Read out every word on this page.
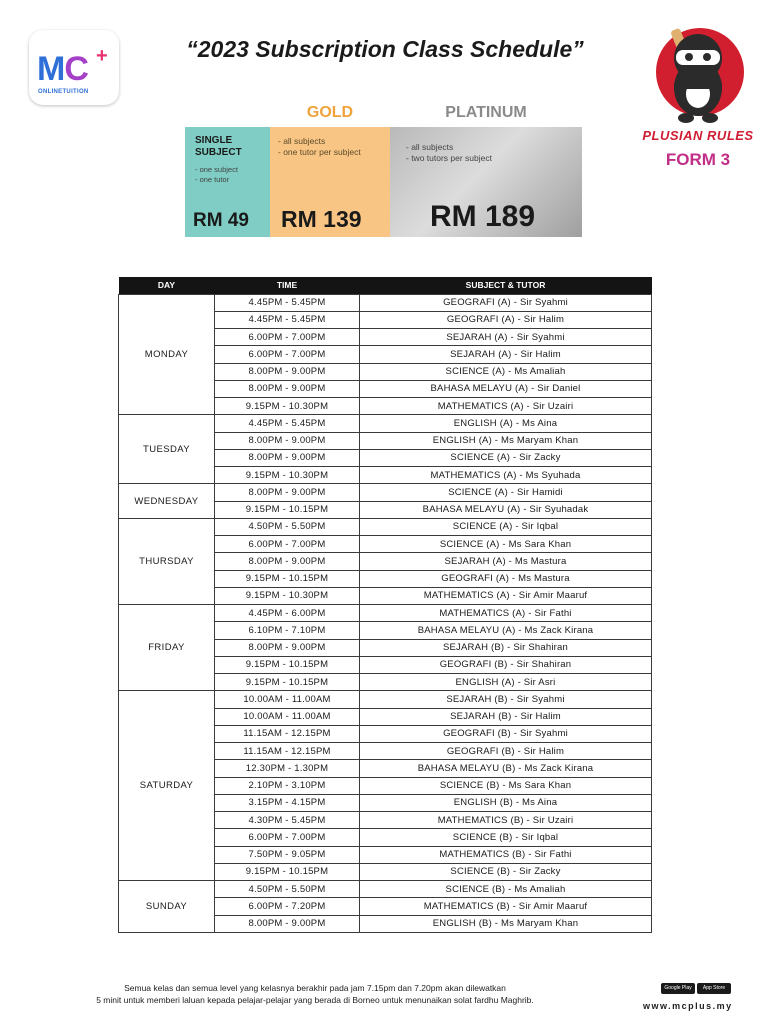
MC +
ONLINETUITION
“2023 Subscription Class Schedule”
GOLD	PLATINUM
SINGLE SUBJECT
- one subject
- one tutor
RM 49
- all subjects
- one tutor per subject
RM 139
- all subjects
- two tutors per subject
RM 189
PLUSIAN RULES
FORM 3
DAY	TIME	SUBJECT & TUTOR
MONDAY	4.45PM - 5.45PM	GEOGRAFI (A) - Sir Syahmi
	4.45PM - 5.45PM	GEOGRAFI (A) - Sir Halim
	6.00PM - 7.00PM	SEJARAH (A) - Sir Syahmi
	6.00PM - 7.00PM	SEJARAH (A) - Sir Halim
	8.00PM - 9.00PM	SCIENCE (A) - Ms Amaliah
	8.00PM - 9.00PM	BAHASA MELAYU (A) - Sir Daniel
	9.15PM - 10.30PM	MATHEMATICS (A) - Sir Uzairi
TUESDAY	4.45PM - 5.45PM	ENGLISH (A) - Ms Aina
	8.00PM - 9.00PM	ENGLISH (A) - Ms Maryam Khan
	8.00PM - 9.00PM	SCIENCE (A) - Sir Zacky
	9.15PM - 10.30PM	MATHEMATICS (A) - Ms Syuhada
WEDNESDAY	8.00PM - 9.00PM	SCIENCE (A) - Sir Hamidi
	9.15PM - 10.15PM	BAHASA MELAYU (A) - Sir Syuhadak
THURSDAY	4.50PM - 5.50PM	SCIENCE (A) - Sir Iqbal
	6.00PM - 7.00PM	SCIENCE (A) - Ms Sara Khan
	8.00PM - 9.00PM	SEJARAH (A) - Ms Mastura
	9.15PM - 10.15PM	GEOGRAFI (A) - Ms Mastura
	9.15PM - 10.30PM	MATHEMATICS (A) - Sir Amir Maaruf
FRIDAY	4.45PM - 6.00PM	MATHEMATICS (A) - Sir Fathi
	6.10PM - 7.10PM	BAHASA MELAYU (A) - Ms Zack Kirana
	8.00PM - 9.00PM	SEJARAH (B) - Sir Shahiran
	9.15PM - 10.15PM	GEOGRAFI (B) - Sir Shahiran
	9.15PM - 10.15PM	ENGLISH (A) - Sir Asri
SATURDAY	10.00AM - 11.00AM	SEJARAH (B) - Sir Syahmi
	10.00AM - 11.00AM	SEJARAH (B) - Sir Halim
	11.15AM - 12.15PM	GEOGRAFI (B) - Sir Syahmi
	11.15AM - 12.15PM	GEOGRAFI (B) - Sir Halim
	12.30PM - 1.30PM	BAHASA MELAYU (B) - Ms Zack Kirana
	2.10PM - 3.10PM	SCIENCE (B) - Ms Sara Khan
	3.15PM - 4.15PM	ENGLISH (B) - Ms Aina
	4.30PM - 5.45PM	MATHEMATICS (B) - Sir Uzairi
	6.00PM - 7.00PM	SCIENCE (B) - Sir Iqbal
	7.50PM - 9.05PM	MATHEMATICS (B) - Sir Fathi
	9.15PM - 10.15PM	SCIENCE (B) - Sir Zacky
SUNDAY	4.50PM - 5.50PM	SCIENCE (B) - Ms Amaliah
	6.00PM - 7.20PM	MATHEMATICS (B) - Sir Amir Maaruf
	8.00PM - 9.00PM	ENGLISH (B) - Ms Maryam Khan
Semua kelas dan semua level yang kelasnya berakhir pada jam 7.15pm dan 7.20pm akan dilewatkan
5 minit untuk memberi laluan kepada pelajar-pelajar yang berada di Borneo untuk menunaikan solat fardhu Maghrib.
Google Play App Store
www.mcplus.my
